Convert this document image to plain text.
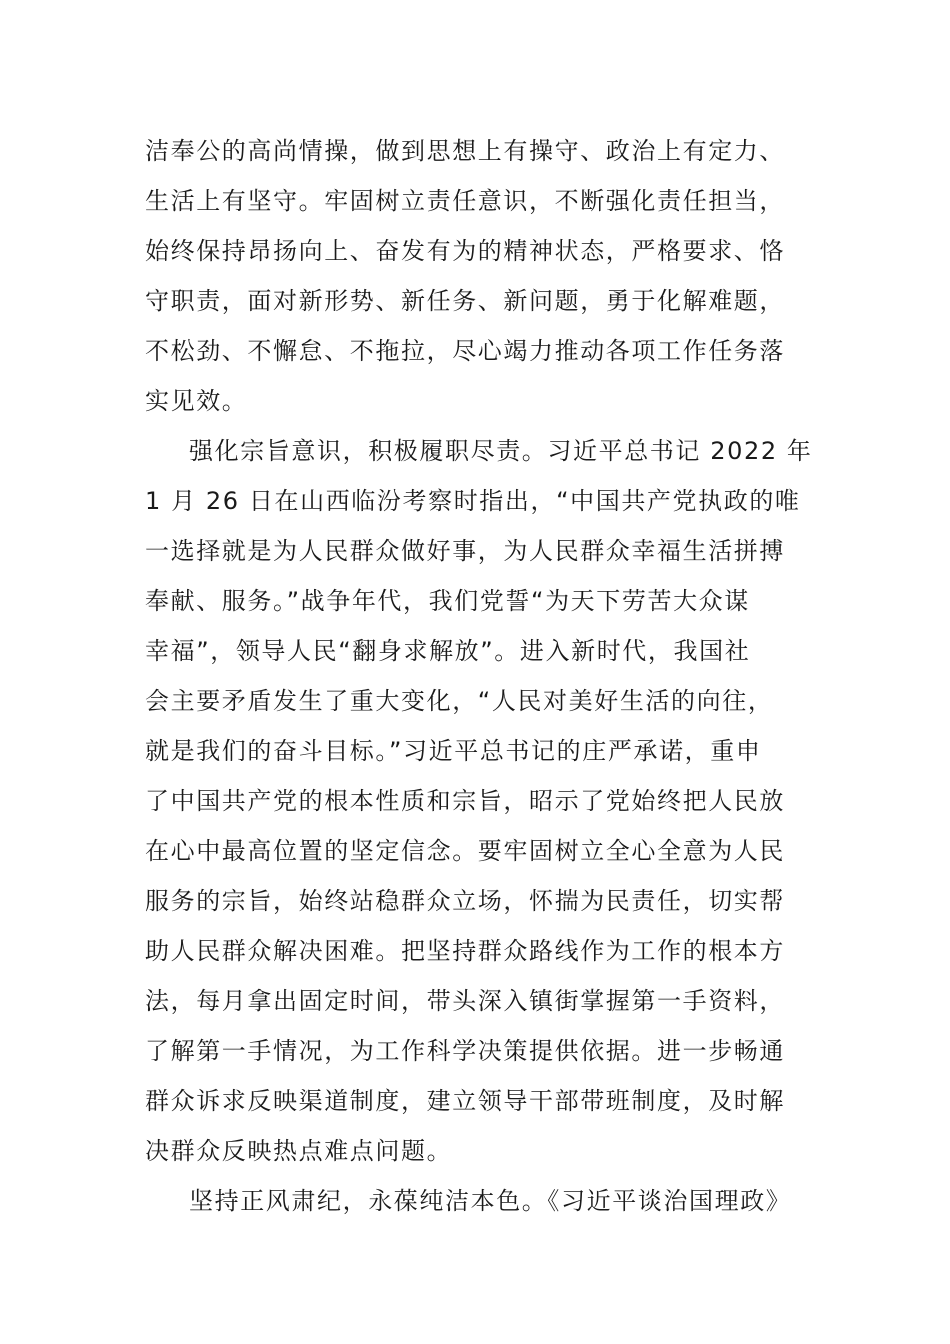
洁奉公的高尚情操，做到思想上有操守、政治上有定力、
生活上有坚守。牢固树立责任意识，不断强化责任担当，
始终保持昂扬向上、奋发有为的精神状态，严格要求、恪
守职责，面对新形势、新任务、新问题，勇于化解难题，
不松劲、不懈怠、不拖拉，尽心竭力推动各项工作任务落
实见效。
强化宗旨意识，积极履职尽责。习近平总书记 2022 年
1 月 26 日在山西临汾考察时指出，“中国共产党执政的唯
一选择就是为人民群众做好事，为人民群众幸福生活拼搏
奉献、服务。”战争年代，我们党誓“为天下劳苦大众谋
幸福”，领导人民“翻身求解放”。进入新时代，我国社
会主要矛盾发生了重大变化，“人民对美好生活的向往，
就是我们的奋斗目标。”习近平总书记的庄严承诺，重申
了中国共产党的根本性质和宗旨，昭示了党始终把人民放
在心中最高位置的坚定信念。要牢固树立全心全意为人民
服务的宗旨，始终站稳群众立场，怀揣为民责任，切实帮
助人民群众解决困难。把坚持群众路线作为工作的根本方
法，每月拿出固定时间，带头深入镇街掌握第一手资料，
了解第一手情况，为工作科学决策提供依据。进一步畅通
群众诉求反映渠道制度，建立领导干部带班制度，及时解
决群众反映热点难点问题。
坚持正风肃纪，永葆纯洁本色。《习近平谈治国理政》
